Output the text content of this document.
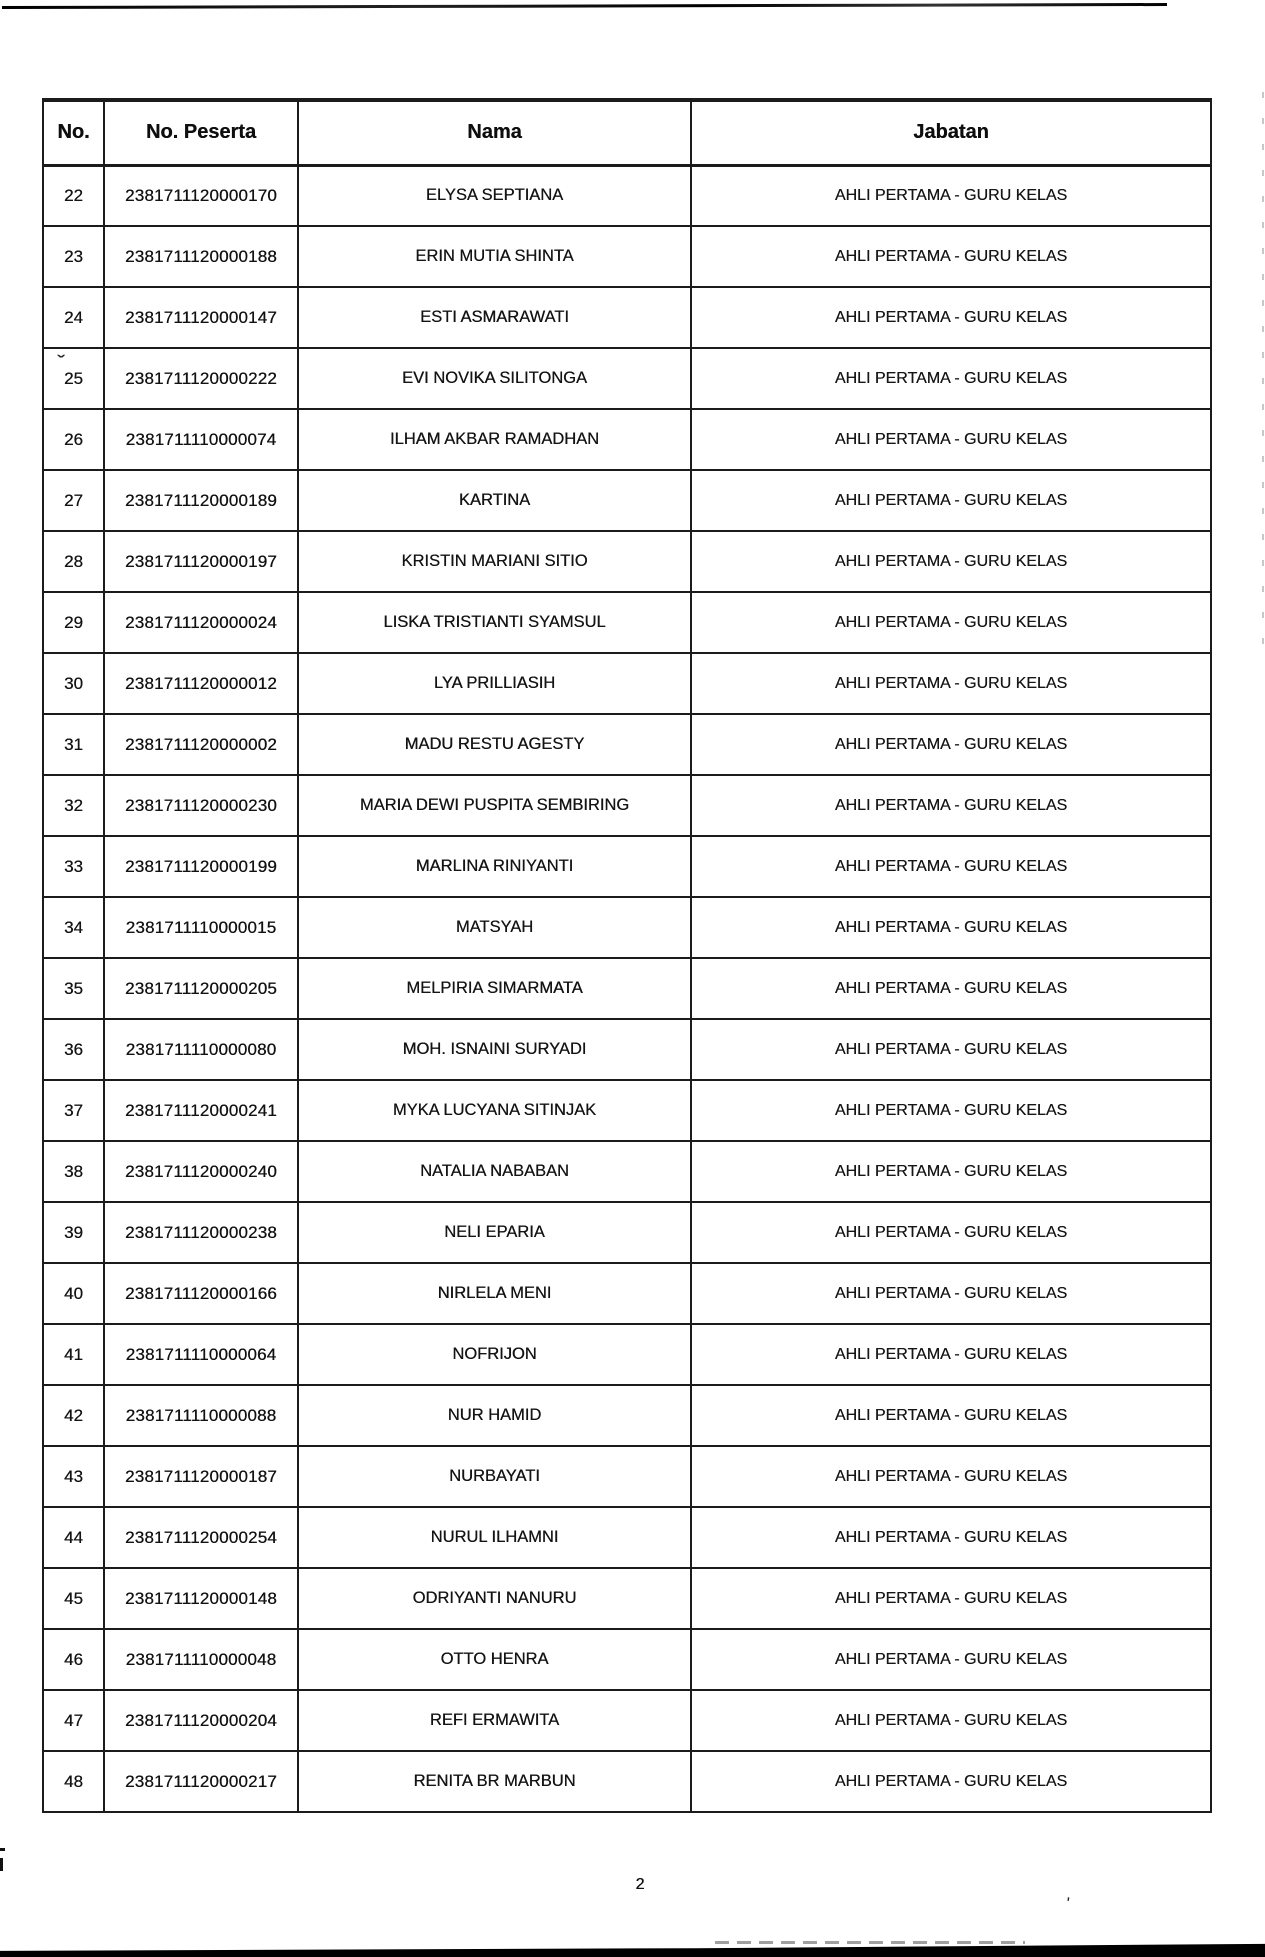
No.	No. Peserta	Nama	Jabatan
22	2381711120000170	ELYSA SEPTIANA	AHLI PERTAMA - GURU KELAS
23	2381711120000188	ERIN MUTIA SHINTA	AHLI PERTAMA - GURU KELAS
24	2381711120000147	ESTI ASMARAWATI	AHLI PERTAMA - GURU KELAS
25	2381711120000222	EVI NOVIKA SILITONGA	AHLI PERTAMA - GURU KELAS
26	2381711110000074	ILHAM AKBAR RAMADHAN	AHLI PERTAMA - GURU KELAS
27	2381711120000189	KARTINA	AHLI PERTAMA - GURU KELAS
28	2381711120000197	KRISTIN MARIANI SITIO	AHLI PERTAMA - GURU KELAS
29	2381711120000024	LISKA TRISTIANTI SYAMSUL	AHLI PERTAMA - GURU KELAS
30	2381711120000012	LYA PRILLIASIH	AHLI PERTAMA - GURU KELAS
31	2381711120000002	MADU RESTU AGESTY	AHLI PERTAMA - GURU KELAS
32	2381711120000230	MARIA DEWI PUSPITA SEMBIRING	AHLI PERTAMA - GURU KELAS
33	2381711120000199	MARLINA RINIYANTI	AHLI PERTAMA - GURU KELAS
34	2381711110000015	MATSYAH	AHLI PERTAMA - GURU KELAS
35	2381711120000205	MELPIRIA SIMARMATA	AHLI PERTAMA - GURU KELAS
36	2381711110000080	MOH. ISNAINI SURYADI	AHLI PERTAMA - GURU KELAS
37	2381711120000241	MYKA LUCYANA SITINJAK	AHLI PERTAMA - GURU KELAS
38	2381711120000240	NATALIA NABABAN	AHLI PERTAMA - GURU KELAS
39	2381711120000238	NELI EPARIA	AHLI PERTAMA - GURU KELAS
40	2381711120000166	NIRLELA MENI	AHLI PERTAMA - GURU KELAS
41	2381711110000064	NOFRIJON	AHLI PERTAMA - GURU KELAS
42	2381711110000088	NUR HAMID	AHLI PERTAMA - GURU KELAS
43	2381711120000187	NURBAYATI	AHLI PERTAMA - GURU KELAS
44	2381711120000254	NURUL ILHAMNI	AHLI PERTAMA - GURU KELAS
45	2381711120000148	ODRIYANTI NANURU	AHLI PERTAMA - GURU KELAS
46	2381711110000048	OTTO HENRA	AHLI PERTAMA - GURU KELAS
47	2381711120000204	REFI ERMAWITA	AHLI PERTAMA - GURU KELAS
48	2381711120000217	RENITA BR MARBUN	AHLI PERTAMA - GURU KELAS
ˇ
2
'
